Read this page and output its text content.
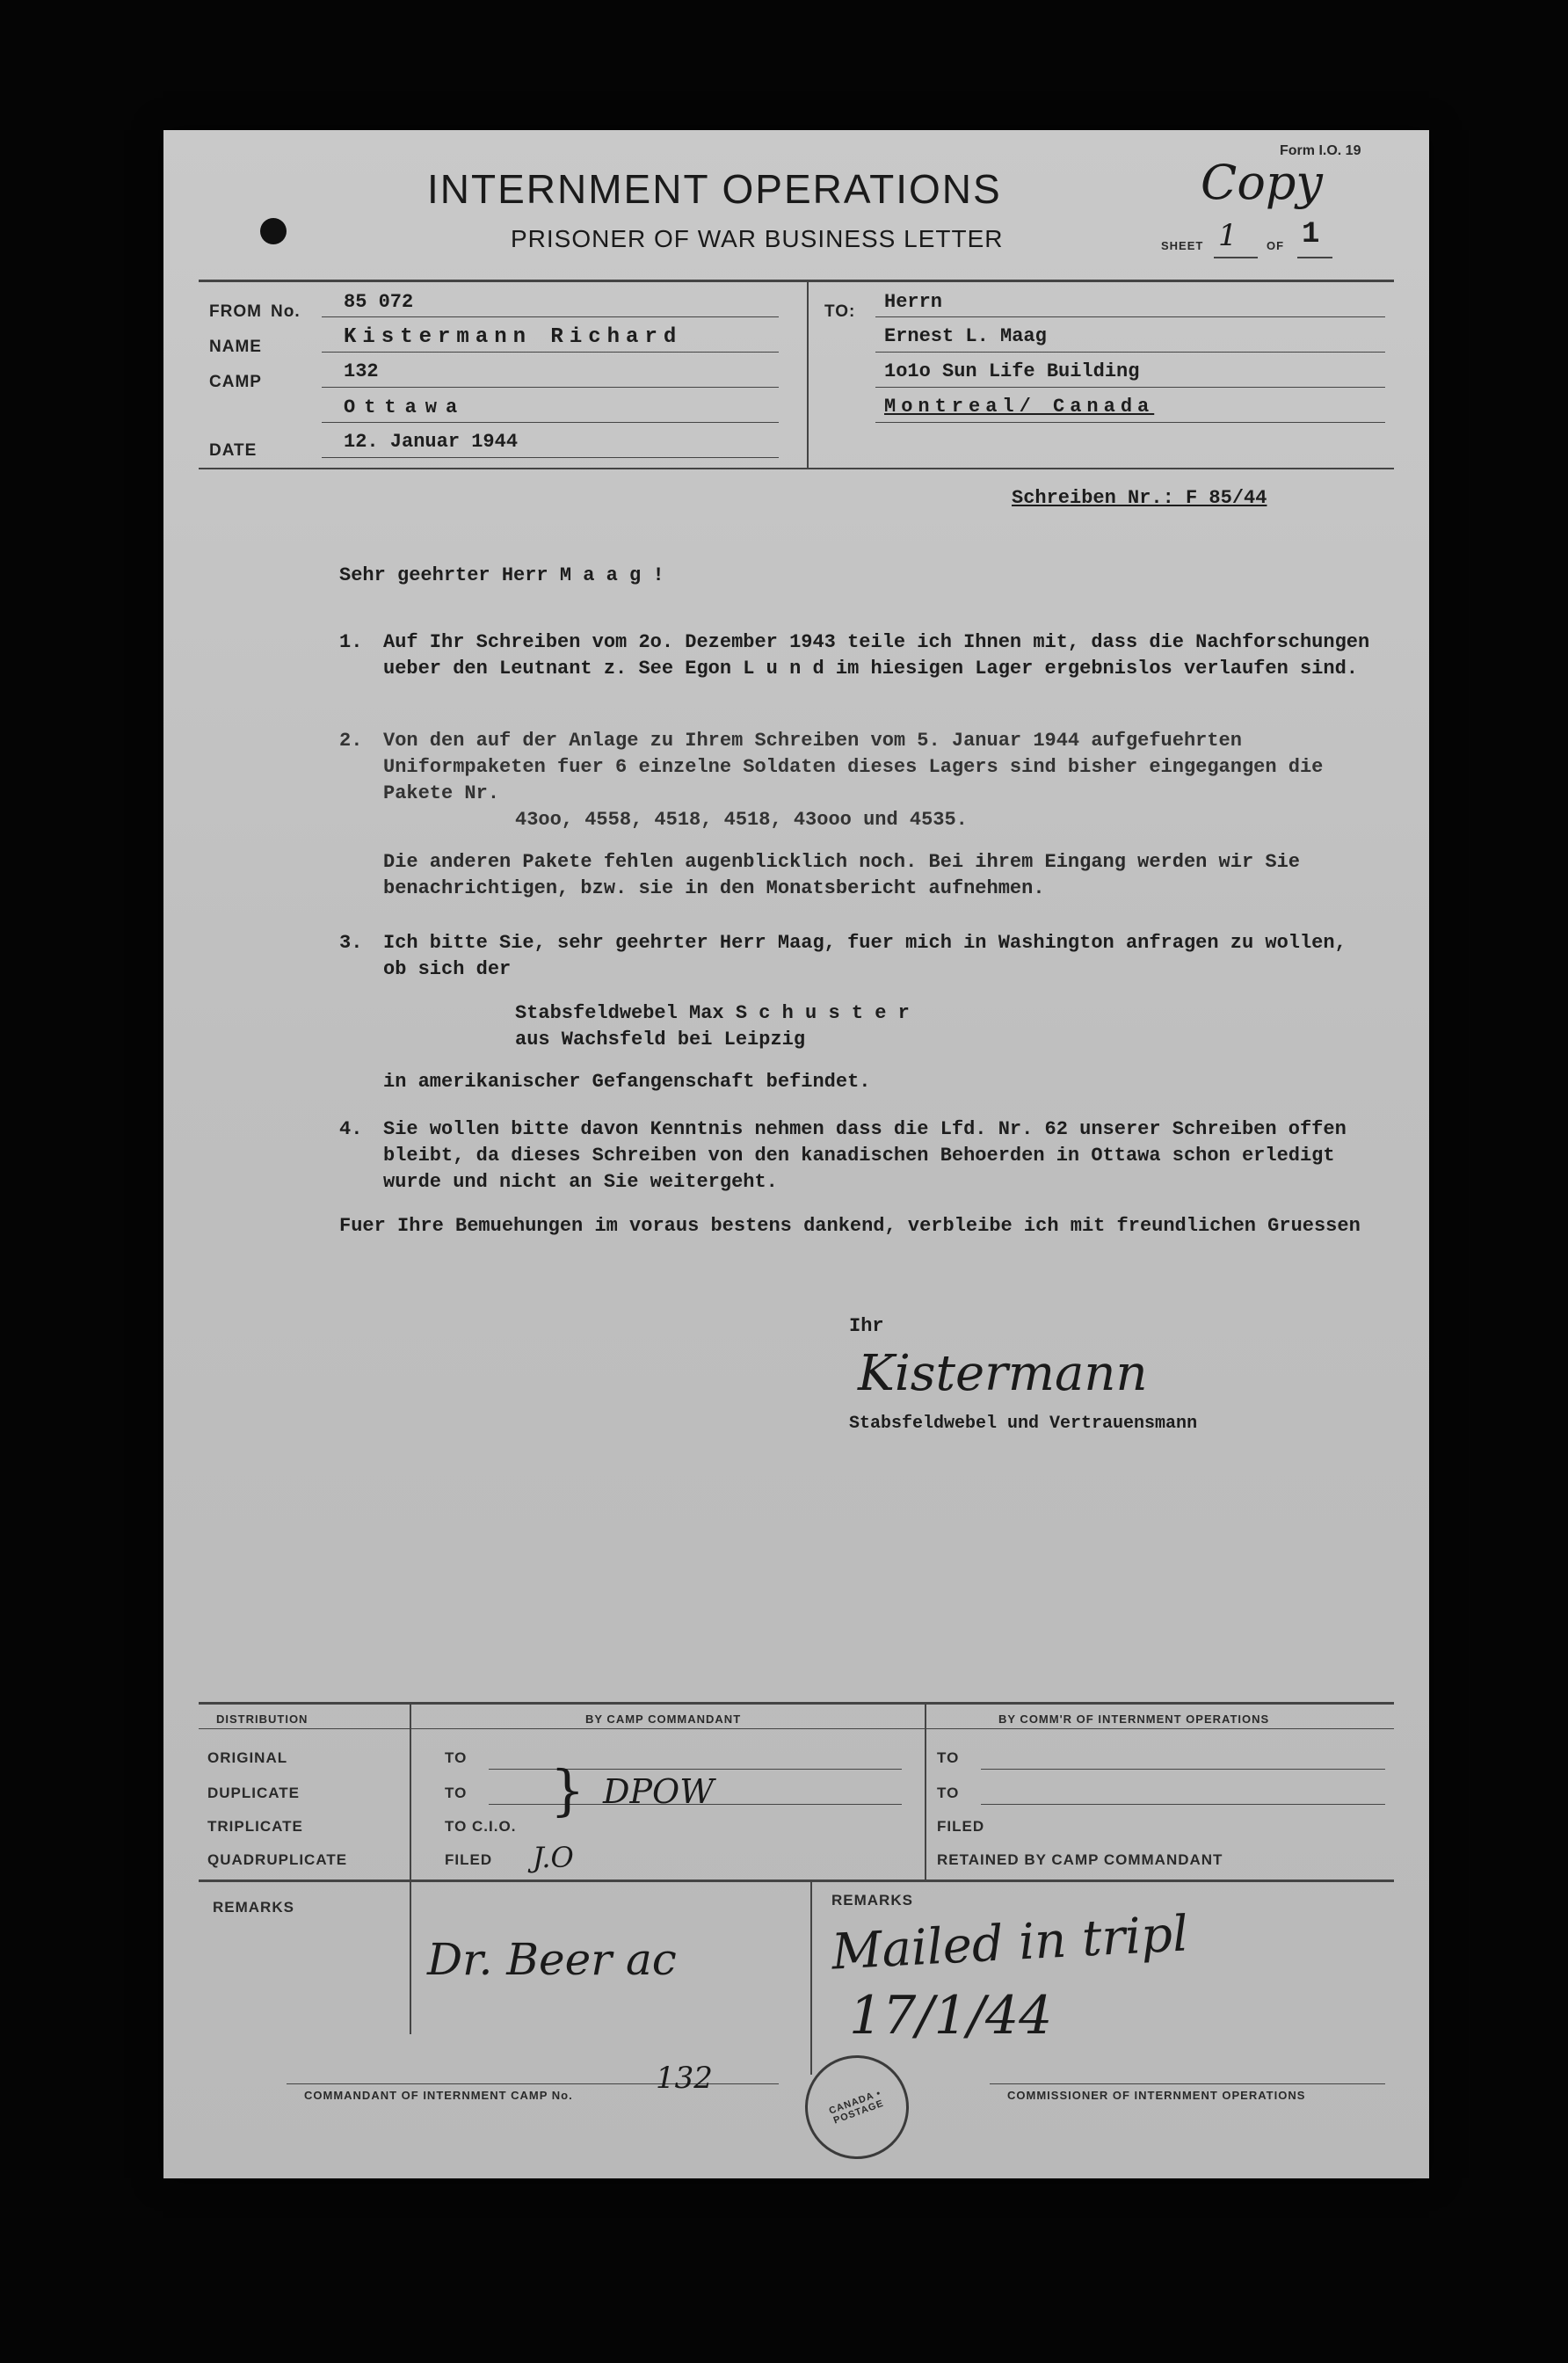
Form I.O. 19
INTERNMENT OPERATIONS	Copy
PRISONER OF WAR BUSINESS LETTER	SHEET 1	OF 1
FROM No. 85 072
NAME	Kistermann Richard
CAMP	132
Ottawa
DATE	12. Januar 1944
TO: Herrn
Ernest L. Maag
1o1o Sun Life Building
Montreal/ Canada
Schreiben Nr.: F 85/44
Sehr geehrter Herr M a a g !
1. Auf Ihr Schreiben vom 2o. Dezember 1943 teile ich Ihnen mit, dass die Nachforschungen ueber den Leutnant z. See Egon L u n d im hiesigen Lager ergebnislos verlaufen sind.
2. Von den auf der Anlage zu Ihrem Schreiben vom 5. Januar 1944 aufgefuehrten Uniformpaketen fuer 6 einzelne Soldaten dieses Lagers sind bisher eingegangen die Pakete Nr.
43oo, 4558, 4518, 4518, 43ooo und 4535.
Die anderen Pakete fehlen augenblicklich noch. Bei ihrem Eingang werden wir Sie benachrichtigen, bzw. sie in den Monatsbericht aufnehmen.
3. Ich bitte Sie, sehr geehrter Herr Maag, fuer mich in Washington anfragen zu wollen, ob sich der
Stabsfeldwebel Max S c h u s t e r
aus Wachsfeld bei Leipzig
in amerikanischer Gefangenschaft befindet.
4. Sie wollen bitte davon Kenntnis nehmen dass die Lfd. Nr. 62 unserer Schreiben offen bleibt, da dieses Schreiben von den kanadischen Behoerden in Ottawa schon erledigt wurde und nicht an Sie weitergeht.
Fuer Ihre Bemuehungen im voraus bestens dankend, verbleibe ich mit freundlichen Gruessen
Ihr
Kistermann
Stabsfeldwebel und Vertrauensmann
DISTRIBUTION	BY CAMP COMMANDANT	BY COMM'R OF INTERNMENT OPERATIONS
ORIGINAL	TO	TO
DUPLICATE	TO	TO
TRIPLICATE	TO C.I.O.	FILED
QUADRUPLICATE	FILED	RETAINED BY CAMP COMMANDANT
} DPOW
J.O
REMARKS	REMARKS
Dr. Beer ac	Mailed in tripl
17/1/44
COMMANDANT OF INTERNMENT CAMP No.	132	COMMISSIONER OF INTERNMENT OPERATIONS
CANADA • POSTAGE
